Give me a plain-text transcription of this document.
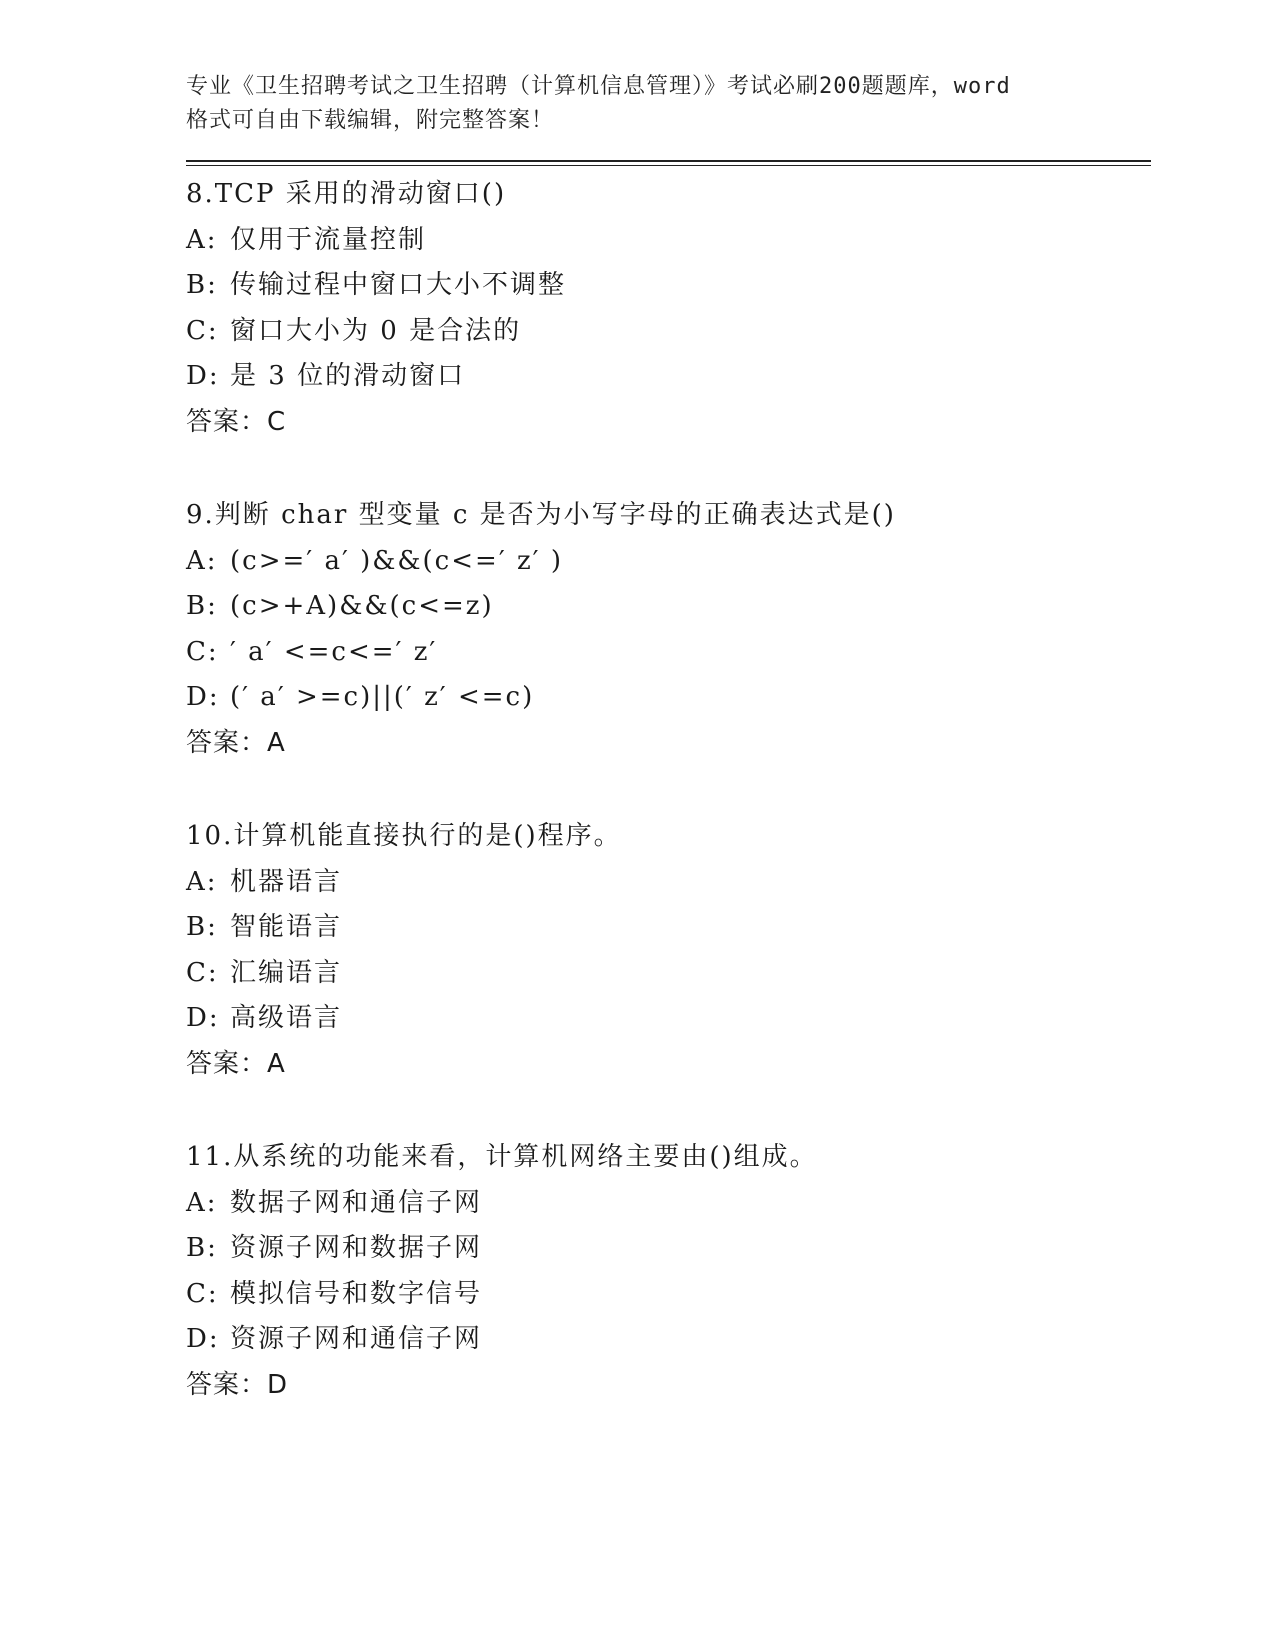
专业《卫生招聘考试之卫生招聘（计算机信息管理）》考试必刷200题题库，word
格式可自由下载编辑，附完整答案！
8.TCP 采用的滑动窗口()
A: 仅用于流量控制
B: 传输过程中窗口大小不调整
C: 窗口大小为 0 是合法的
D: 是 3 位的滑动窗口
答案：C
9.判断 char 型变量 c 是否为小写字母的正确表达式是()
A: (c>=′ a′ )&&(c<=′ z′ )
B: (c>+A)&&(c<=z)
C: ′ a′ <=c<=′ z′
D: (′ a′ >=c)||(′ z′ <=c)
答案：A
10.计算机能直接执行的是()程序。
A: 机器语言
B: 智能语言
C: 汇编语言
D: 高级语言
答案：A
11.从系统的功能来看，计算机网络主要由()组成。
A: 数据子网和通信子网
B: 资源子网和数据子网
C: 模拟信号和数字信号
D: 资源子网和通信子网
答案：D
